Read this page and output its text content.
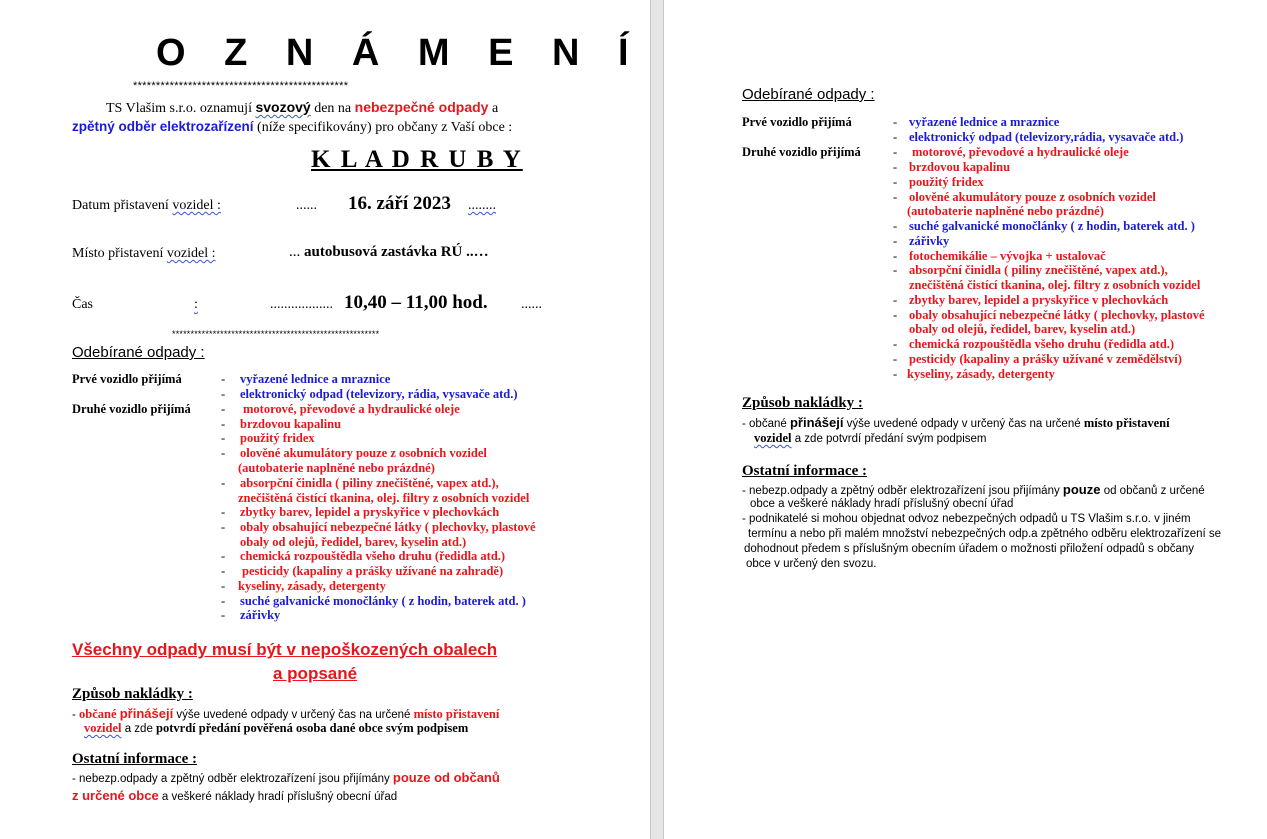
O Z N Á M E N Í
***********************************************
TS Vlašim s.r.o. oznamují svozový den na nebezpečné odpady a
zpětný odběr elektrozařízení (níže specifikovány) pro občany z Vaší obce :
K L A D R U B Y
Datum přistavení vozidel :	...... 16. září 2023 ........
Místo přistavení vozidel :	... autobusová zastávka RÚ ..…
Čas	:	.................. 10,40 – 11,00 hod. ......
********************************************************
Odebírané odpady :
Prvé vozidlo přijímá	- vyřazené lednice a mraznice
- elektronický odpad (televizory, rádia, vysavače atd.)
Druhé vozidlo přijímá - motorové, převodové a hydraulické oleje
- brzdovou kapalinu
- použitý fridex
- olověné akumulátory pouze z osobních vozidel
(autobaterie naplněné nebo prázdné)
- absorpční činidla ( piliny znečištěné, vapex atd.),
znečištěná čistící tkanina, olej. filtry z osobních vozidel
- zbytky barev, lepidel a pryskyřice v plechovkách
- obaly obsahující nebezpečné látky ( plechovky, plastové
obaly od olejů, ředidel, barev, kyselin atd.)
- chemická rozpouštědla všeho druhu (ředidla atd.)
- pesticidy (kapaliny a prášky užívané na zahradě)
- kyseliny, zásady, detergenty
- suché galvanické monočlánky ( z hodin, baterek atd. )
- zářivky
Všechny odpady musí být v nepoškozených obalech
a popsané
Způsob nakládky :
- občané přinášejí výše uvedené odpady v určený čas na určené místo přistavení
vozidel a zde potvrdí předání pověřená osoba dané obce svým podpisem
Ostatní informace :
- nebezp.odpady a zpětný odběr elektrozařízení jsou přijímány pouze od občanů
z určené obce a veškeré náklady hradí příslušný obecní úřad
Odebírané odpady :
Prvé vozidlo přijímá	- vyřazené lednice a mraznice
- elektronický odpad (televizory,rádia, vysavače atd.)
Druhé vozidlo přijímá	- motorové, převodové a hydraulické oleje
- brzdovou kapalinu
- použitý fridex
- olověné akumulátory pouze z osobních vozidel
(autobaterie naplněné nebo prázdné)
- suché galvanické monočlánky ( z hodin, baterek atd. )
- zářivky
- fotochemikálie – vývojka + ustalovač
- absorpční činidla ( piliny znečištěné, vapex atd.),
znečištěná čistící tkanina, olej. filtry z osobních vozidel
- zbytky barev, lepidel a pryskyřice v plechovkách
- obaly obsahující nebezpečné látky ( plechovky, plastové
obaly od olejů, ředidel, barev, kyselin atd.)
- chemická rozpouštědla všeho druhu (ředidla atd.)
- pesticidy (kapaliny a prášky užívané v zemědělství)
- kyseliny, zásady, detergenty
Způsob nakládky :
- občané přinášejí výše uvedené odpady v určený čas na určené místo přistavení
vozidel a zde potvrdí předání svým podpisem
Ostatní informace :
- nebezp.odpady a zpětný odběr elektrozařízení jsou přijímány pouze od občanů z určené
obce a veškeré náklady hradí příslušný obecní úřad
- podnikatelé si mohou objednat odvoz nebezpečných odpadů u TS Vlašim s.r.o. v jiném
termínu a nebo při malém množství nebezpečných odp.a zpětného odběru elektrozařízení se
dohodnout předem s příslušným obecním úřadem o možnosti přiložení odpadů s občany
obce v určený den svozu.
